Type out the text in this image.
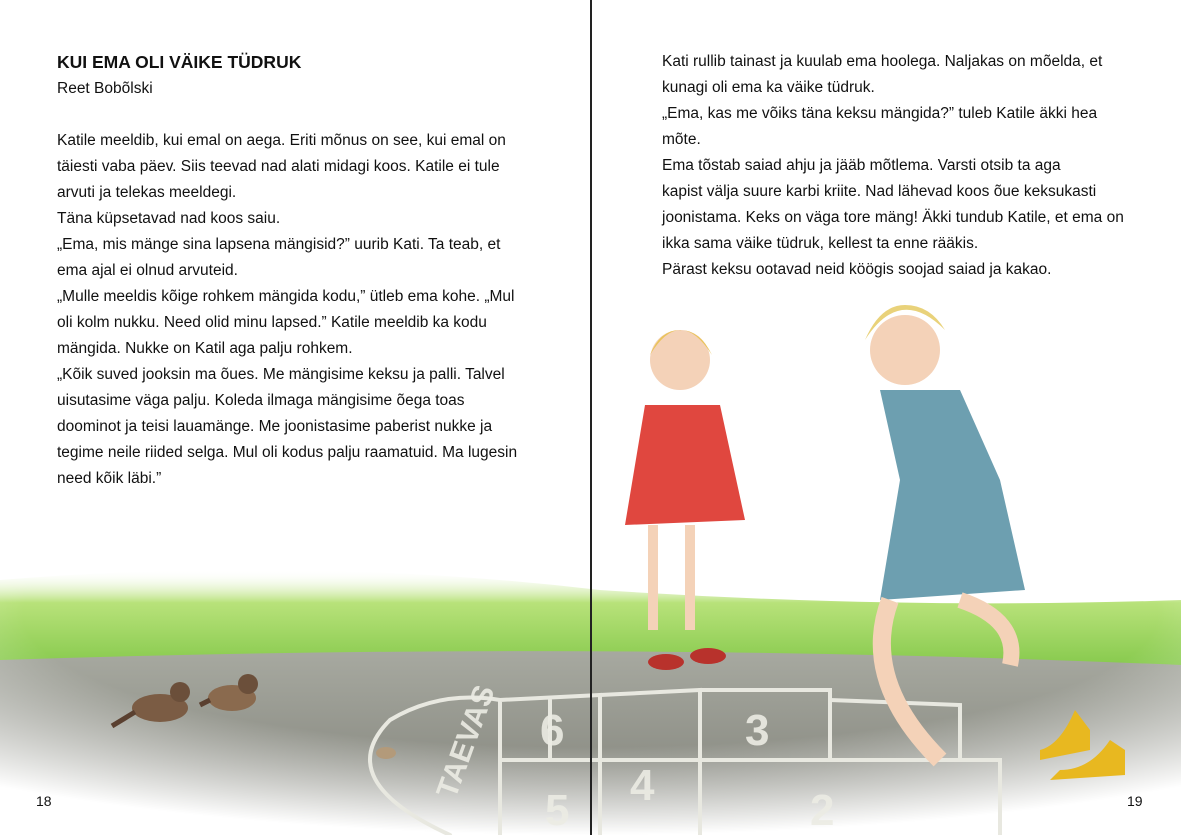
TAEVAS 6
5
4
3
2
KUI EMA OLI VÄIKE TÜDRUK
Reet Bobõlski
Katile meeldib, kui emal on aega. Eriti mõnus on see, kui emal on
täiesti vaba päev. Siis teevad nad alati midagi koos. Katile ei tule
arvuti ja telekas meeldegi.
Täna küpsetavad nad koos saiu.
„Ema, mis mänge sina lapsena mängisid?” uurib Kati. Ta teab, et
ema ajal ei olnud arvuteid.
„Mulle meeldis kõige rohkem mängida kodu,” ütleb ema kohe. „Mul
oli kolm nukku. Need olid minu lapsed.” Katile meeldib ka kodu
mängida. Nukke on Katil aga palju rohkem.
„Kõik suved jooksin ma õues. Me mängisime keksu ja palli. Talvel
uisutasime väga palju. Koleda ilmaga mängisime õega toas
doominot ja teisi lauamänge. Me joonistasime paberist nukke ja
tegime neile riided selga. Mul oli kodus palju raamatuid. Ma lugesin
need kõik läbi.”
18
Kati rullib tainast ja kuulab ema hoolega. Naljakas on mõelda, et
kunagi oli ema ka väike tüdruk.
„Ema, kas me võiks täna keksu mängida?” tuleb Katile äkki hea
mõte.
Ema tõstab saiad ahju ja jääb mõtlema. Varsti otsib ta aga
kapist välja suure karbi kriite. Nad lähevad koos õue keksukasti
joonistama. Keks on väga tore mäng! Äkki tundub Katile, et ema on
ikka sama väike tüdruk, kellest ta enne rääkis.
Pärast keksu ootavad neid köögis soojad saiad ja kakao.
19
